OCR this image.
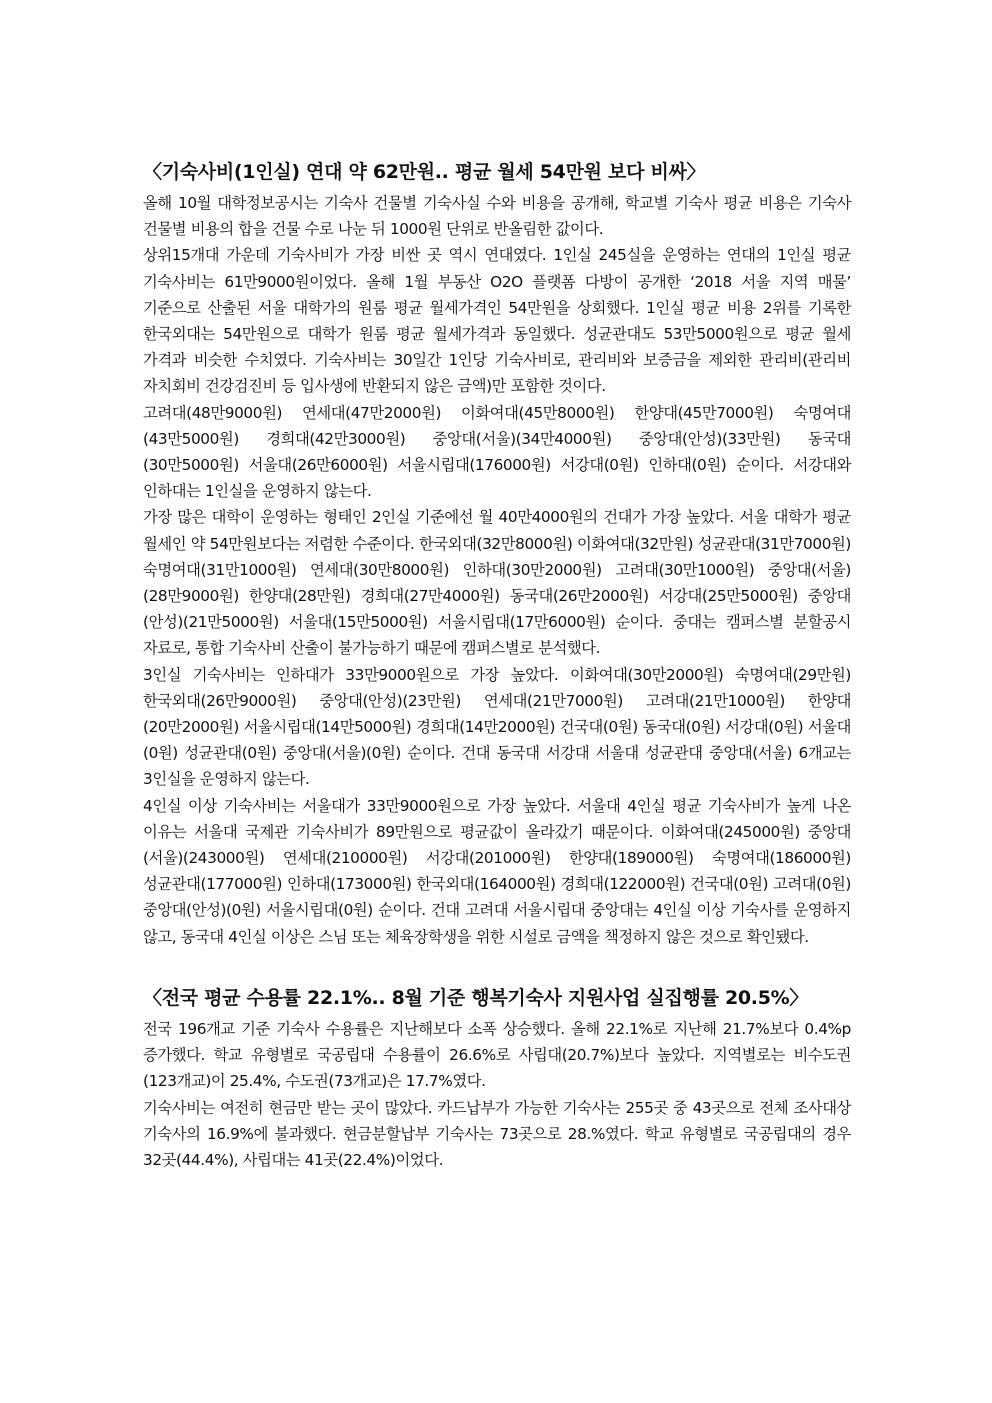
〈기숙사비(1인실) 연대 약 62만원.. 평균 월세 54만원 보다 비싸〉

올해 10월 대학정보공시는 기숙사 건물별 기숙사실 수와 비용을 공개해, 학교별 기숙사 평균 비용은 기숙사 건물별 비용의 합을 건물 수로 나눈 뒤 1000원 단위로 반올림한 값이다.

상위15개대 가운데 기숙사비가 가장 비싼 곳 역시 연대였다. 1인실 245실을 운영하는 연대의 1인실 평균 기숙사비는 61만9000원이었다. 올해 1월 부동산 O2O 플랫폼 다방이 공개한 ‘2018 서울 지역 매물’ 기준으로 산출된 서울 대학가의 원룸 평균 월세가격인 54만원을 상회했다. 1인실 평균 비용 2위를 기록한 한국외대는 54만원으로 대학가 원룸 평균 월세가격과 동일했다. 성균관대도 53만5000원으로 평균 월세 가격과 비슷한 수치였다. 기숙사비는 30일간 1인당 기숙사비로, 관리비와 보증금을 제외한 관리비(관리비 자치회비 건강검진비 등 입사생에 반환되지 않은 금액)만 포함한 것이다.

고려대(48만9000원) 연세대(47만2000원) 이화여대(45만8000원) 한양대(45만7000원) 숙명여대(43만5000원) 경희대(42만3000원) 중앙대(서울)(34만4000원) 중앙대(안성)(33만원) 동국대(30만5000원) 서울대(26만6000원) 서울시립대(176000원) 서강대(0원) 인하대(0원) 순이다. 서강대와 인하대는 1인실을 운영하지 않는다.

가장 많은 대학이 운영하는 형태인 2인실 기준에선 월 40만4000원의 건대가 가장 높았다. 서울 대학가 평균 월세인 약 54만원보다는 저렴한 수준이다. 한국외대(32만8000원) 이화여대(32만원) 성균관대(31만7000원) 숙명여대(31만1000원) 연세대(30만8000원) 인하대(30만2000원) 고려대(30만1000원) 중앙대(서울)(28만9000원) 한양대(28만원) 경희대(27만4000원) 동국대(26만2000원) 서강대(25만5000원) 중앙대(안성)(21만5000원) 서울대(15만5000원) 서울시립대(17만6000원) 순이다. 중대는 캠퍼스별 분할공시 자료로, 통합 기숙사비 산출이 불가능하기 때문에 캠퍼스별로 분석했다.

3인실 기숙사비는 인하대가 33만9000원으로 가장 높았다. 이화여대(30만2000원) 숙명여대(29만원) 한국외대(26만9000원) 중앙대(안성)(23만원) 연세대(21만7000원) 고려대(21만1000원) 한양대(20만2000원) 서울시립대(14만5000원) 경희대(14만2000원) 건국대(0원) 동국대(0원) 서강대(0원) 서울대(0원) 성균관대(0원) 중앙대(서울)(0원) 순이다. 건대 동국대 서강대 서울대 성균관대 중앙대(서울) 6개교는 3인실을 운영하지 않는다.

4인실 이상 기숙사비는 서울대가 33만9000원으로 가장 높았다. 서울대 4인실 평균 기숙사비가 높게 나온 이유는 서울대 국제관 기숙사비가 89만원으로 평균값이 올라갔기 때문이다. 이화여대(245000원) 중앙대(서울)(243000원) 연세대(210000원) 서강대(201000원) 한양대(189000원) 숙명여대(186000원) 성균관대(177000원) 인하대(173000원) 한국외대(164000원) 경희대(122000원) 건국대(0원) 고려대(0원) 중앙대(안성)(0원) 서울시립대(0원) 순이다. 건대 고려대 서울시립대 중앙대는 4인실 이상 기숙사를 운영하지 않고, 동국대 4인실 이상은 스님 또는 체육장학생을 위한 시설로 금액을 책정하지 않은 것으로 확인됐다.

〈전국 평균 수용률 22.1%.. 8월 기준 행복기숙사 지원사업 실집행률 20.5%〉

전국 196개교 기준 기숙사 수용률은 지난해보다 소폭 상승했다. 올해 22.1%로 지난해 21.7%보다 0.4%p 증가했다. 학교 유형별로 국공립대 수용률이 26.6%로 사립대(20.7%)보다 높았다. 지역별로는 비수도권(123개교)이 25.4%, 수도권(73개교)은 17.7%였다.

기숙사비는 여전히 현금만 받는 곳이 많았다. 카드납부가 가능한 기숙사는 255곳 중 43곳으로 전체 조사대상 기숙사의 16.9%에 불과했다. 현금분할납부 기숙사는 73곳으로 28.%였다. 학교 유형별로 국공립대의 경우 32곳(44.4%), 사립대는 41곳(22.4%)이었다.
